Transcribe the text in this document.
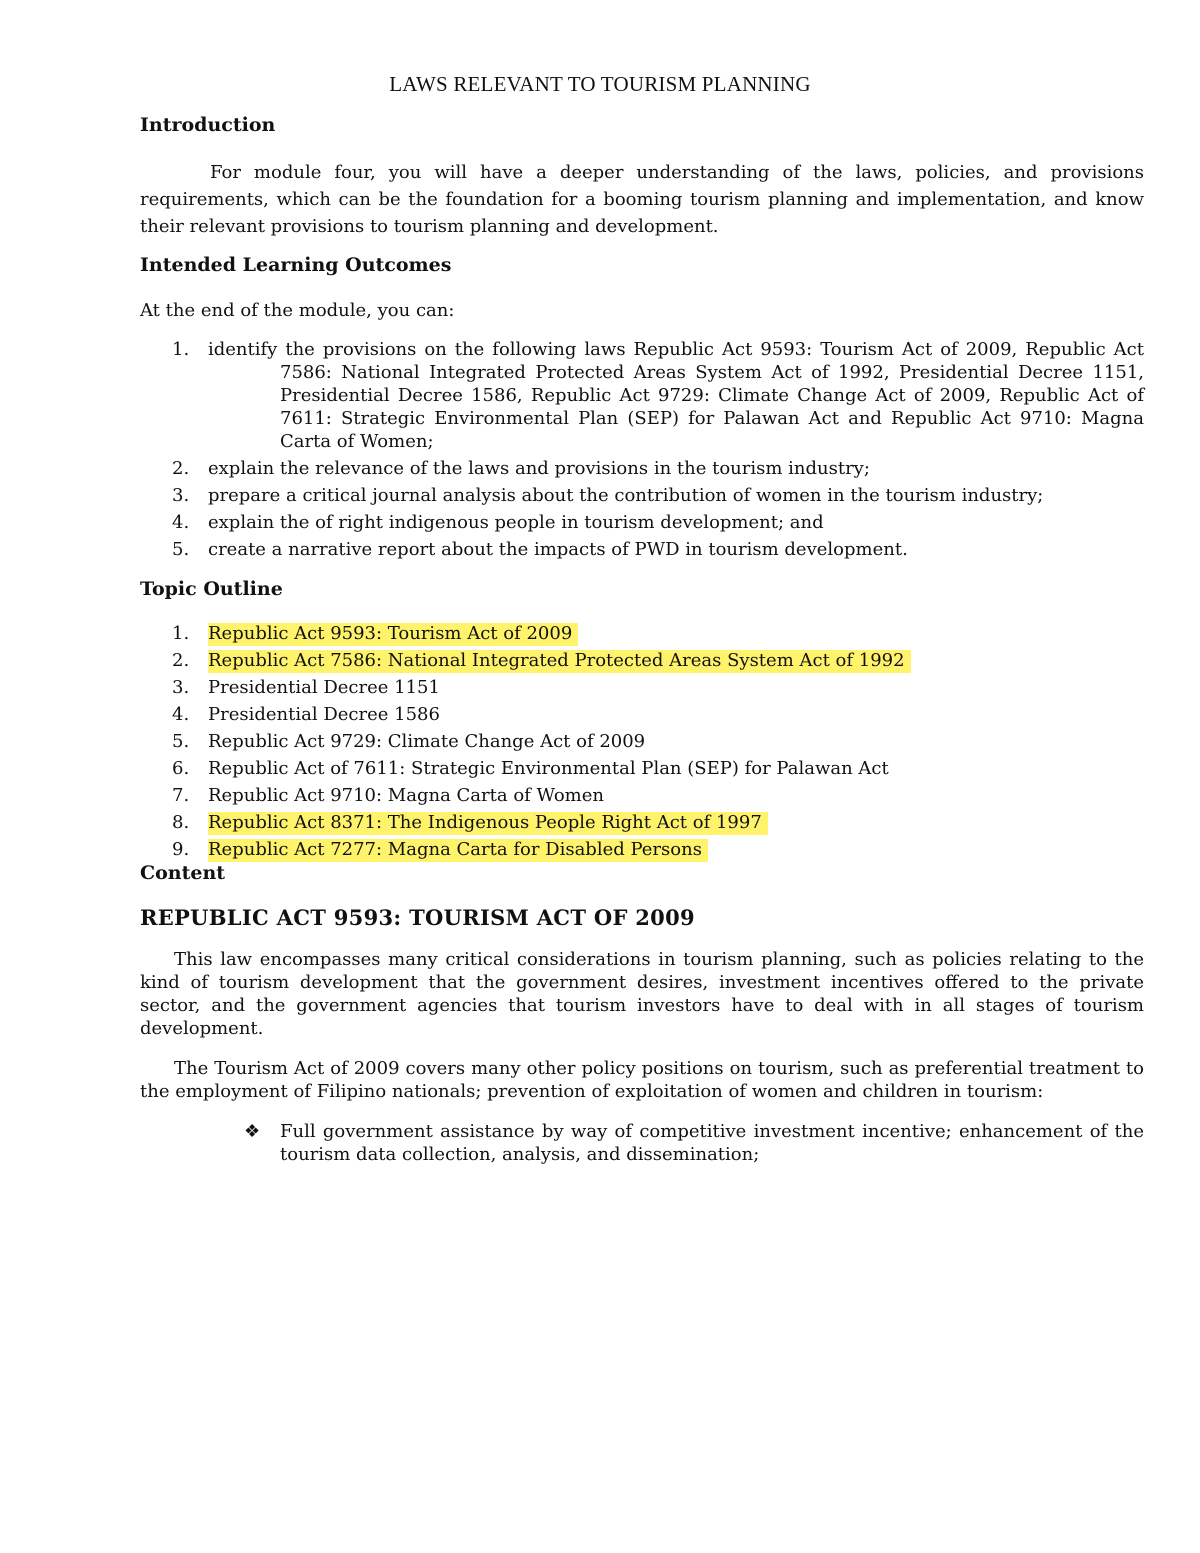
LAWS RELEVANT TO TOURISM PLANNING
Introduction

For module four, you will have a deeper understanding of the laws, policies, and provisions requirements, which can be the foundation for a booming tourism planning and implementation, and know their relevant provisions to tourism planning and development.

Intended Learning Outcomes

At the end of the module, you can:

1. identify the provisions on the following laws Republic Act 9593: Tourism Act of 2009, Republic Act 7586: National Integrated Protected Areas System Act of 1992, Presidential Decree 1151, Presidential Decree 1586, Republic Act 9729: Climate Change Act of 2009, Republic Act of 7611: Strategic Environmental Plan (SEP) for Palawan Act and Republic Act 9710: Magna Carta of Women;
2. explain the relevance of the laws and provisions in the tourism industry;
3. prepare a critical journal analysis about the contribution of women in the tourism industry;
4. explain the of right indigenous people in tourism development; and
5. create a narrative report about the impacts of PWD in tourism development.
Topic Outline
1. Republic Act 9593: Tourism Act of 2009
2. Republic Act 7586: National Integrated Protected Areas System Act of 1992
3. Presidential Decree 1151
4. Presidential Decree 1586
5. Republic Act 9729: Climate Change Act of 2009
6. Republic Act of 7611: Strategic Environmental Plan (SEP) for Palawan Act
7. Republic Act 9710: Magna Carta of Women
8. Republic Act 8371: The Indigenous People Right Act of 1997
9. Republic Act 7277: Magna Carta for Disabled Persons
Content
REPUBLIC ACT 9593: TOURISM ACT OF 2009

This law encompasses many critical considerations in tourism planning, such as policies relating to the kind of tourism development that the government desires, investment incentives offered to the private sector, and the government agencies that tourism investors have to deal with in all stages of tourism development.

The Tourism Act of 2009 covers many other policy positions on tourism, such as preferential treatment to the employment of Filipino nationals; prevention of exploitation of women and children in tourism:

❖ Full government assistance by way of competitive investment incentive; enhancement of the tourism data collection, analysis, and dissemination;
